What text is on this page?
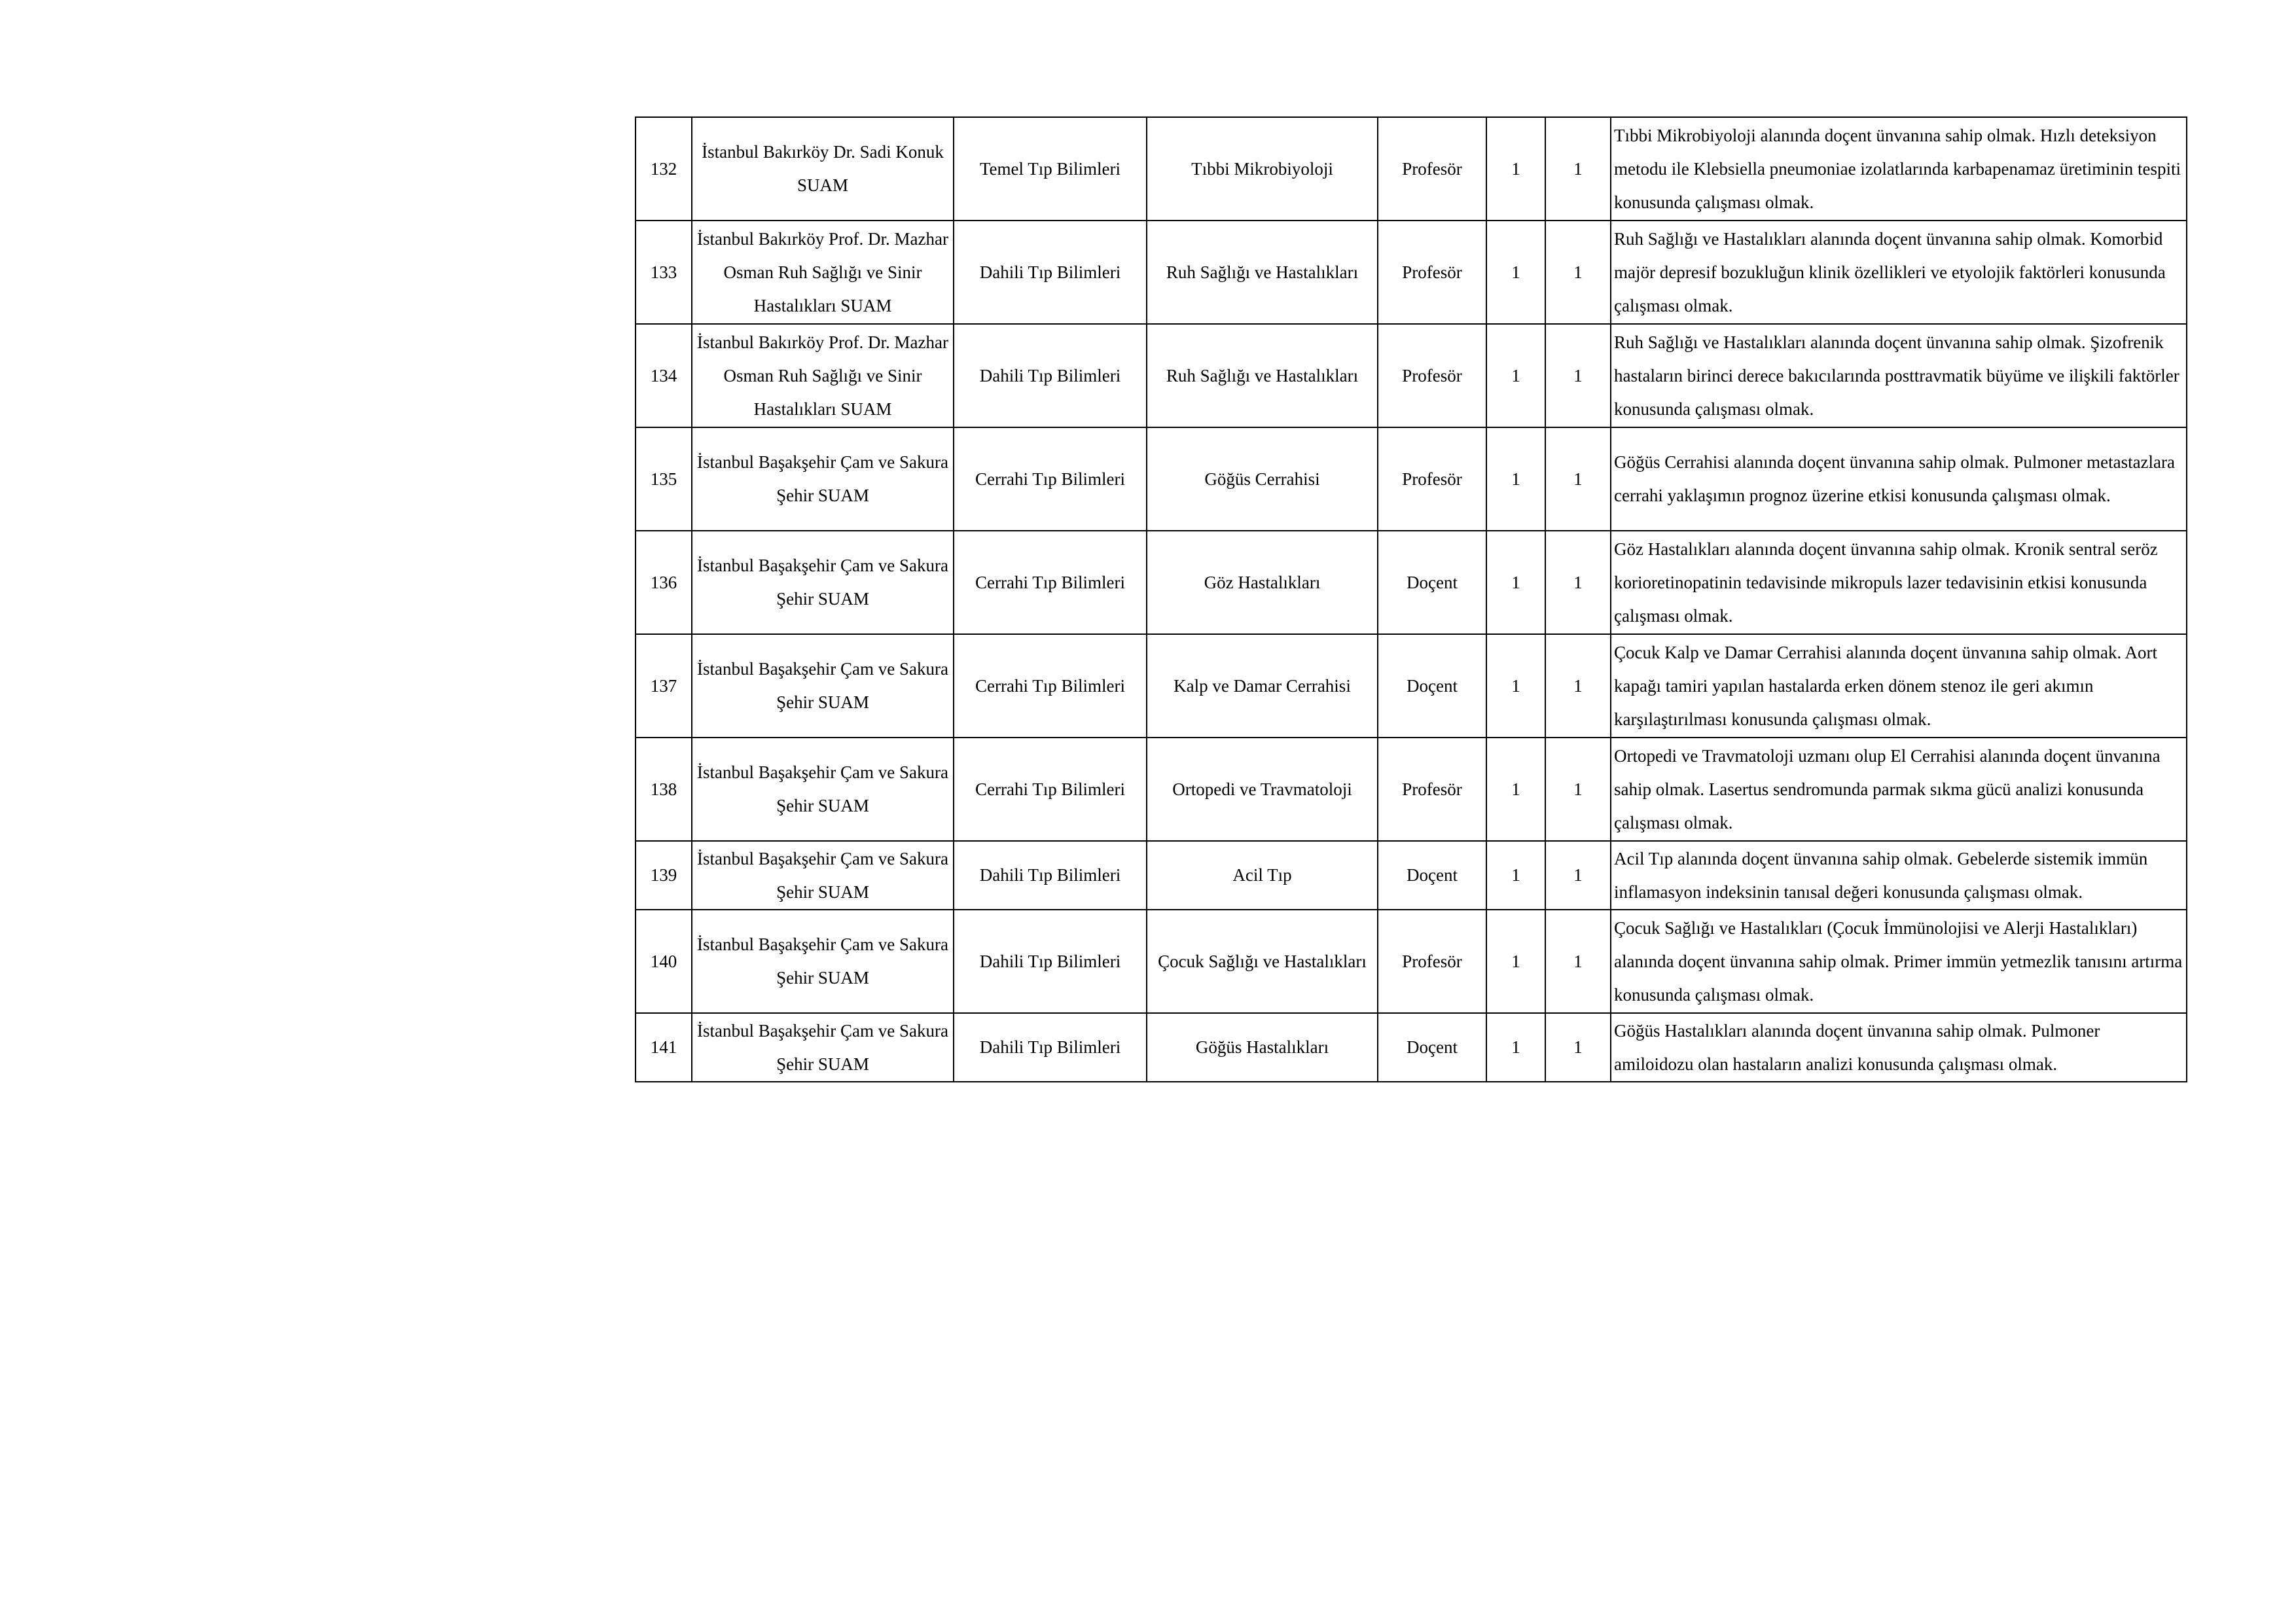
132	İstanbul Bakırköy Dr. Sadi Konuk SUAM	Temel Tıp Bilimleri	Tıbbi Mikrobiyoloji	Profesör	1	1	Tıbbi Mikrobiyoloji alanında doçent ünvanına sahip olmak. Hızlı deteksiyon metodu ile Klebsiella pneumoniae izolatlarında karbapenamaz üretiminin tespiti konusunda çalışması olmak.
133	İstanbul Bakırköy Prof. Dr. Mazhar Osman Ruh Sağlığı ve Sinir Hastalıkları SUAM	Dahili Tıp Bilimleri	Ruh Sağlığı ve Hastalıkları	Profesör	1	1	Ruh Sağlığı ve Hastalıkları alanında doçent ünvanına sahip olmak. Komorbid majör depresif bozukluğun klinik özellikleri ve etyolojik faktörleri konusunda çalışması olmak.
134	İstanbul Bakırköy Prof. Dr. Mazhar Osman Ruh Sağlığı ve Sinir Hastalıkları SUAM	Dahili Tıp Bilimleri	Ruh Sağlığı ve Hastalıkları	Profesör	1	1	Ruh Sağlığı ve Hastalıkları alanında doçent ünvanına sahip olmak. Şizofrenik hastaların birinci derece bakıcılarında posttravmatik büyüme ve ilişkili faktörler konusunda çalışması olmak.
135	İstanbul Başakşehir Çam ve Sakura Şehir SUAM	Cerrahi Tıp Bilimleri	Göğüs Cerrahisi	Profesör	1	1	Göğüs Cerrahisi alanında doçent ünvanına sahip olmak. Pulmoner metastazlara cerrahi yaklaşımın prognoz üzerine etkisi konusunda çalışması olmak.
136	İstanbul Başakşehir Çam ve Sakura Şehir SUAM	Cerrahi Tıp Bilimleri	Göz Hastalıkları	Doçent	1	1	Göz Hastalıkları alanında doçent ünvanına sahip olmak. Kronik sentral seröz korioretinopatinin tedavisinde mikropuls lazer tedavisinin etkisi konusunda çalışması olmak.
137	İstanbul Başakşehir Çam ve Sakura Şehir SUAM	Cerrahi Tıp Bilimleri	Kalp ve Damar Cerrahisi	Doçent	1	1	Çocuk Kalp ve Damar Cerrahisi alanında doçent ünvanına sahip olmak. Aort kapağı tamiri yapılan hastalarda erken dönem stenoz ile geri akımın karşılaştırılması konusunda çalışması olmak.
138	İstanbul Başakşehir Çam ve Sakura Şehir SUAM	Cerrahi Tıp Bilimleri	Ortopedi ve Travmatoloji	Profesör	1	1	Ortopedi ve Travmatoloji uzmanı olup El Cerrahisi alanında doçent ünvanına sahip olmak. Lasertus sendromunda parmak sıkma gücü analizi konusunda çalışması olmak.
139	İstanbul Başakşehir Çam ve Sakura Şehir SUAM	Dahili Tıp Bilimleri	Acil Tıp	Doçent	1	1	Acil Tıp alanında doçent ünvanına sahip olmak. Gebelerde sistemik immün inflamasyon indeksinin tanısal değeri konusunda çalışması olmak.
140	İstanbul Başakşehir Çam ve Sakura Şehir SUAM	Dahili Tıp Bilimleri	Çocuk Sağlığı ve Hastalıkları	Profesör	1	1	Çocuk Sağlığı ve Hastalıkları (Çocuk İmmünolojisi ve Alerji Hastalıkları) alanında doçent ünvanına sahip olmak. Primer immün yetmezlik tanısını artırma konusunda çalışması olmak.
141	İstanbul Başakşehir Çam ve Sakura Şehir SUAM	Dahili Tıp Bilimleri	Göğüs Hastalıkları	Doçent	1	1	Göğüs Hastalıkları alanında doçent ünvanına sahip olmak. Pulmoner amiloidozu olan hastaların analizi konusunda çalışması olmak.
